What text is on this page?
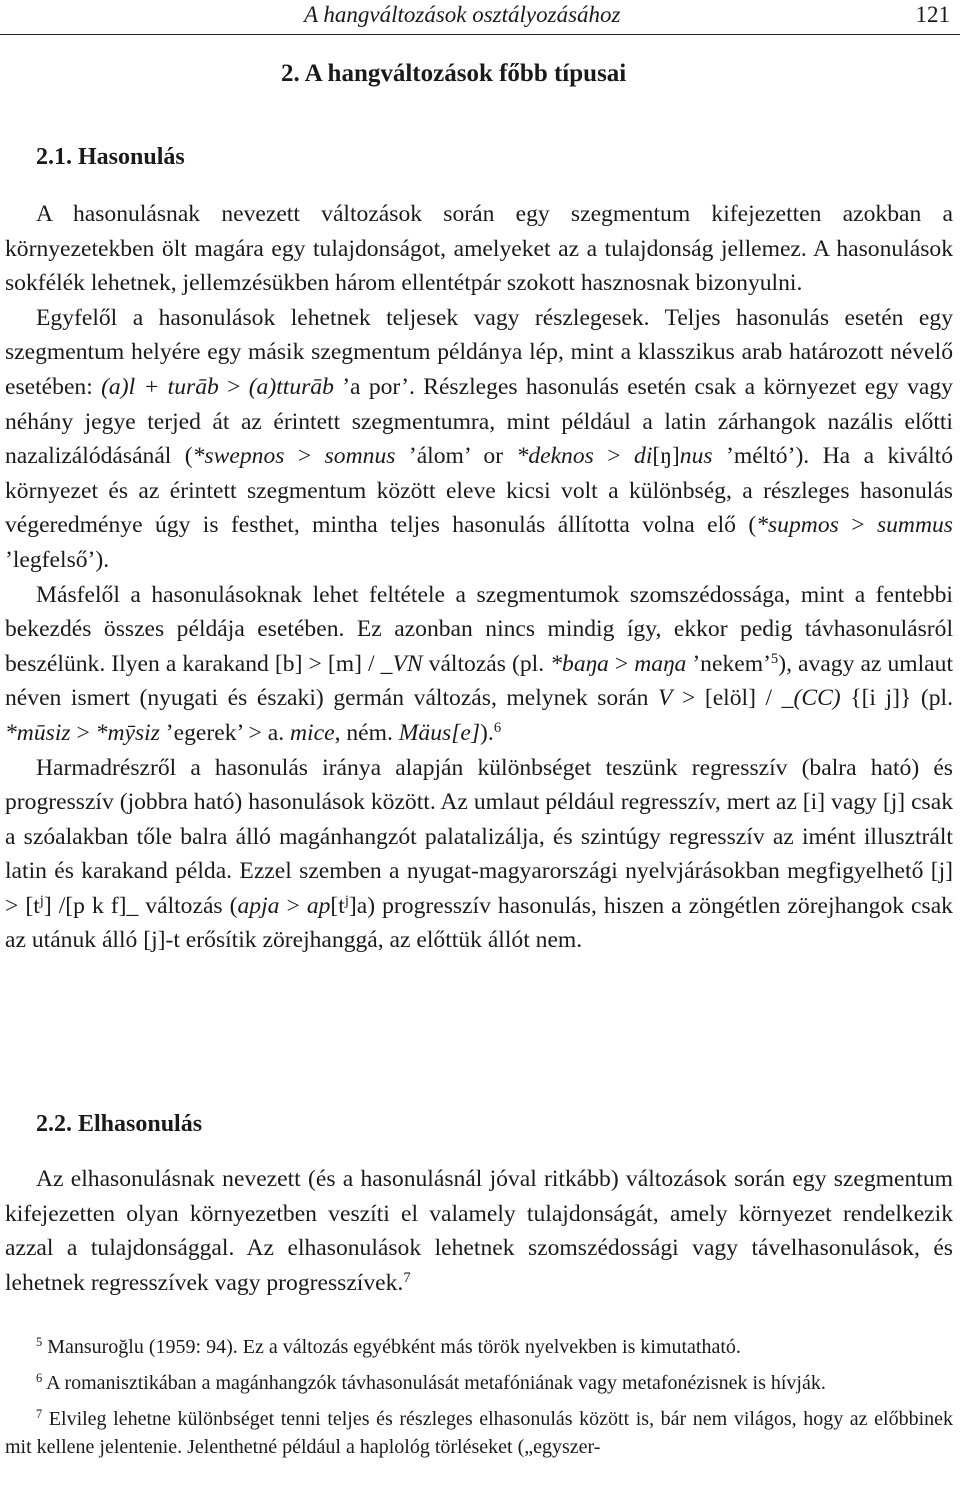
A hangváltozások osztályozásához	121
2. A hangváltozások főbb típusai
2.1. Hasonulás

A hasonulásnak nevezett változások során egy szegmentum kifejezetten azokban a környezetekben ölt magára egy tulajdonságot, amelyeket az a tulajdonság jellemez. A hasonulások sokfélék lehetnek, jellemzésükben három ellentétpár szokott hasznosnak bizonyulni.

Egyfelől a hasonulások lehetnek teljesek vagy részlegesek. Teljes hasonulás esetén egy szegmentum helyére egy másik szegmentum példánya lép, mint a klasszikus arab határozott névelő esetében: (a)l + turāb > (a)tturāb ’a por’. Részleges hasonulás esetén csak a környezet egy vagy néhány jegye terjed át az érintett szegmentumra, mint például a latin zárhangok nazális előtti nazalizálódásánál (*swepnos > somnus ’álom’ or *deknos > di[ŋ]nus ’méltó’). Ha a kiváltó környezet és az érintett szegmentum között eleve kicsi volt a különbség, a részleges hasonulás végeredménye úgy is festhet, mintha teljes hasonulás állította volna elő (*supmos > summus ’legfelső’).

Másfelől a hasonulásoknak lehet feltétele a szegmentumok szomszédossága, mint a fentebbi bekezdés összes példája esetében. Ez azonban nincs mindig így, ekkor pedig távhasonulásról beszélünk. Ilyen a karakand [b] > [m] / _VN változás (pl. *baŋa > maŋa ’nekem’$^5$), avagy az umlaut néven ismert (nyugati és északi) germán változás, melynek során V > [elöl] / _(CC) {[i j]} (pl. *mūsiz > *mȳsiz ’egerek’ > a. mice, ném. Mäus[e]).$^6$

Harmadrészről a hasonulás iránya alapján különbséget teszünk regresszív (balra ható) és progresszív (jobbra ható) hasonulások között. Az umlaut például regresszív, mert az [i] vagy [j] csak a szóalakban tőle balra álló magánhangzót palatalizálja, és szintúgy regresszív az imént illusztrált latin és karakand példa. Ezzel szemben a nyugat-magyarországi nyelvjárásokban megfigyelhető $[j] > [t^j]$ /[p k f]_ változás (apja > $ap[t^j]a$) progresszív hasonulás, hiszen a zöngétlen zörejhangok csak az utánuk álló [j]-t erősítik zörejhanggá, az előttük állót nem.

2.2. Elhasonulás

Az elhasonulásnak nevezett (és a hasonulásnál jóval ritkább) változások során egy szegmentum kifejezetten olyan környezetben veszíti el valamely tulajdonságát, amely környezet rendelkezik azzal a tulajdonsággal. Az elhasonulások lehetnek szomszédossági vagy távelhasonulások, és lehetnek regresszívek vagy progresszívek.$^7$

$^5$ Mansuroğlu (1959: 94). Ez a változás egyébként más török nyelvekben is kimutatható.

$^6$ A romanisztikában a magánhangzók távhasonulását metafóniának vagy metafonézisnek is hívják.

$^7$ Elvileg lehetne különbséget tenni teljes és részleges elhasonulás között is, bár nem világos, hogy az előbbinek mit kellene jelentenie. Jelenthetné például a haplológ törléseket („egyszer-
